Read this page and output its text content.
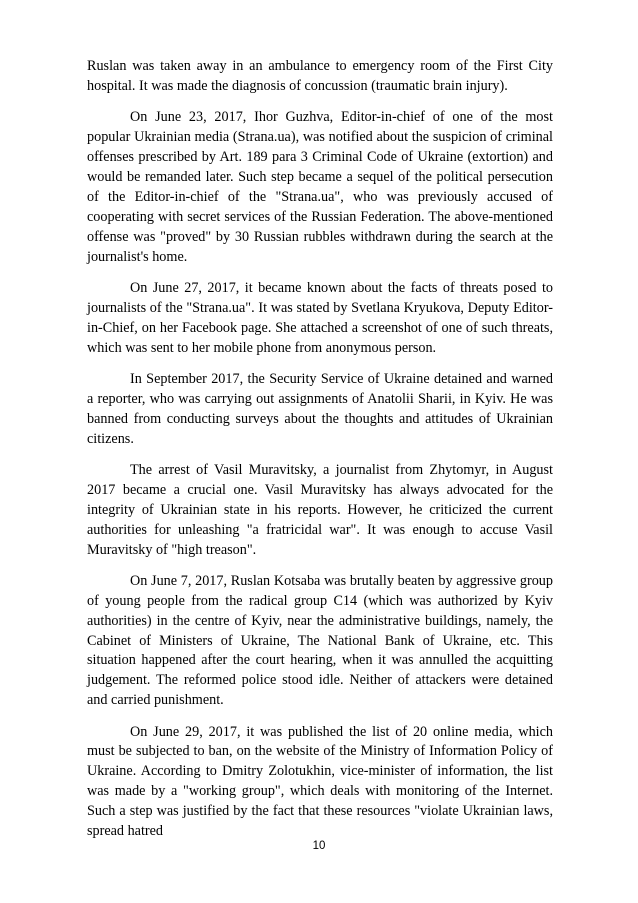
Ruslan was taken away in an ambulance to emergency room of the First City hospital. It was made the diagnosis of concussion (traumatic brain injury).

On June 23, 2017, Ihor Guzhva, Editor-in-chief of one of the most popular Ukrainian media (Strana.ua), was notified about the suspicion of criminal offenses prescribed by Art. 189 para 3 Criminal Code of Ukraine (extortion) and would be remanded later. Such step became a sequel of the political persecution of the Editor-in-chief of the "Strana.ua", who was previously accused of cooperating with secret services of the Russian Federation. The above-mentioned offense was "proved" by 30 Russian rubbles withdrawn during the search at the journalist's home.

On June 27, 2017, it became known about the facts of threats posed to journalists of the "Strana.ua". It was stated by Svetlana Kryukova, Deputy Editor-in-Chief, on her Facebook page. She attached a screenshot of one of such threats, which was sent to her mobile phone from anonymous person.

In September 2017, the Security Service of Ukraine detained and warned a reporter, who was carrying out assignments of Anatolii Sharii, in Kyiv. He was banned from conducting surveys about the thoughts and attitudes of Ukrainian citizens.

The arrest of Vasil Muravitsky, a journalist from Zhytomyr, in August 2017 became a crucial one. Vasil Muravitsky has always advocated for the integrity of Ukrainian state in his reports. However, he criticized the current authorities for unleashing "a fratricidal war". It was enough to accuse Vasil Muravitsky of "high treason".

On June 7, 2017, Ruslan Kotsaba was brutally beaten by aggressive group of young people from the radical group C14 (which was authorized by Kyiv authorities) in the centre of Kyiv, near the administrative buildings, namely, the Cabinet of Ministers of Ukraine, The National Bank of Ukraine, etc. This situation happened after the court hearing, when it was annulled the acquitting judgement. The reformed police stood idle. Neither of attackers were detained and carried punishment.

On June 29, 2017, it was published the list of 20 online media, which must be subjected to ban, on the website of the Ministry of Information Policy of Ukraine. According to Dmitry Zolotukhin, vice-minister of information, the list was made by a "working group", which deals with monitoring of the Internet. Such a step was justified by the fact that these resources "violate Ukrainian laws, spread hatred

10
